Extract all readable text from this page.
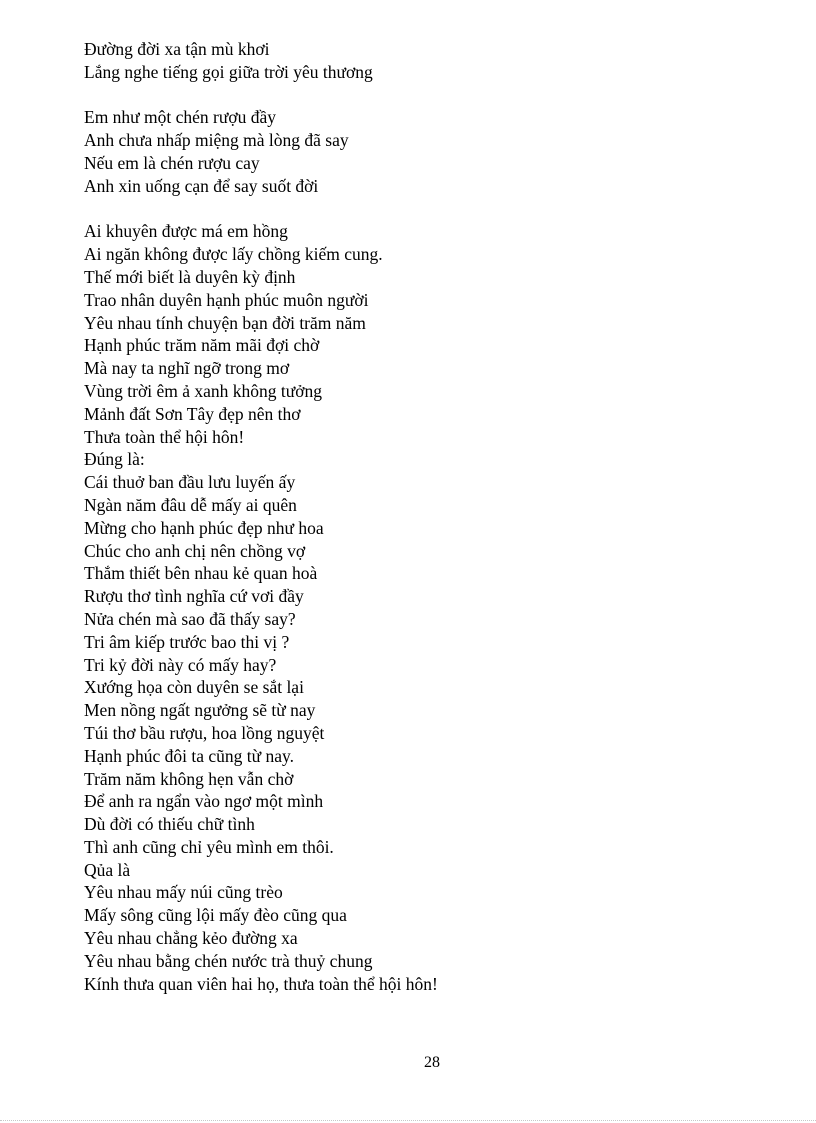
Đường đời xa tận mù khơi
Lắng nghe tiếng gọi giữa trời yêu thương
Em như một chén rượu đầy
Anh chưa nhấp miệng mà lòng đã say
Nếu em là chén rượu cay
Anh xin uống cạn để say suốt đời
Ai khuyên được má em hồng
Ai ngăn không được lấy chồng kiếm cung.
Thế mới biết là duyên kỳ định
Trao nhân duyên hạnh phúc muôn người
Yêu nhau tính chuyện bạn đời trăm năm
Hạnh phúc trăm năm mãi đợi chờ
Mà nay ta nghĩ ngỡ trong mơ
Vùng trời êm ả xanh không tưởng
Mảnh đất Sơn Tây đẹp nên thơ
Thưa toàn thể hội hôn!
Đúng là:
Cái thuở ban đầu lưu luyến ấy
Ngàn năm đâu dễ mấy ai quên
Mừng cho hạnh phúc đẹp như hoa
Chúc cho anh chị nên chồng vợ
Thắm thiết bên nhau kẻ quan hoà
Rượu thơ tình nghĩa cứ vơi đầy
Nửa chén mà sao đã thấy say?
Tri âm kiếp trước bao thi vị ?
Tri kỷ đời này có mấy hay?
Xướng họa còn duyên se sắt lại
Men nồng ngất ngưởng sẽ từ nay
Túi thơ bầu rượu, hoa lồng nguyệt
Hạnh phúc đôi ta cũng từ nay.
Trăm năm không hẹn vẫn chờ
Để anh ra ngẩn vào ngơ một mình
Dù đời có thiếu chữ tình
Thì anh cũng chỉ yêu mình em thôi.
Qủa là
Yêu nhau mấy núi cũng trèo
Mấy sông cũng lội mấy đèo cũng qua
Yêu nhau chẳng kẻo đường xa
Yêu nhau bằng chén nước trà thuỷ chung
Kính thưa quan viên hai họ, thưa toàn thể hội hôn!
28
